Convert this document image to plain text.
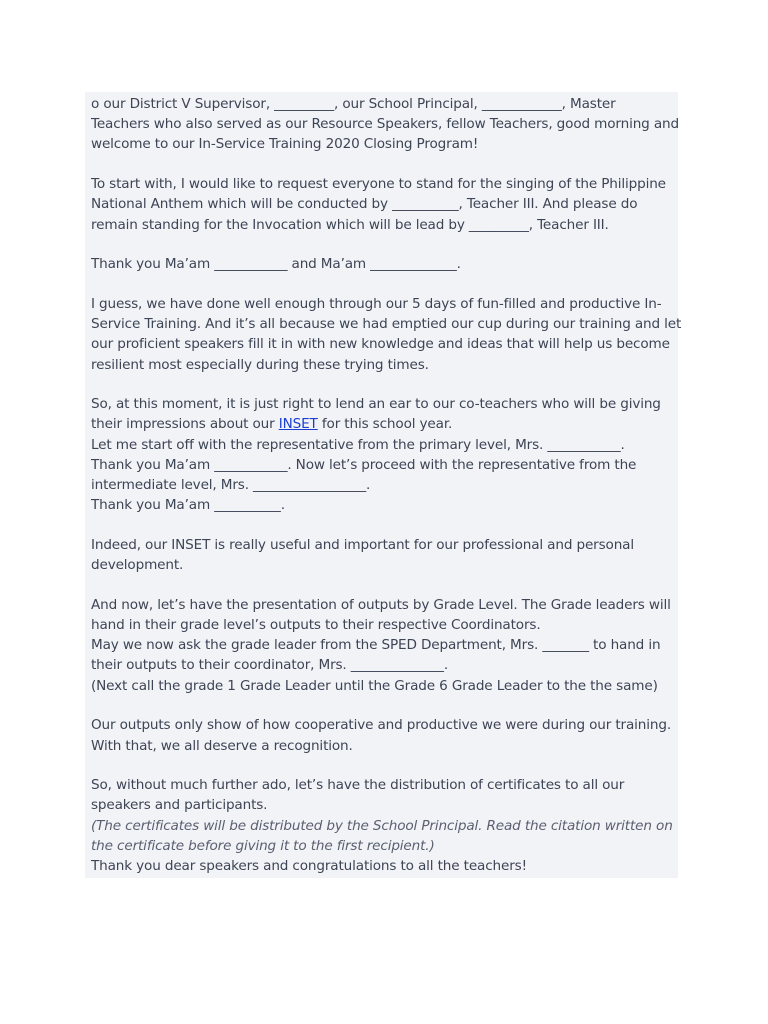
o our District V Supervisor, _________, our School Principal, ____________, Master
Teachers who also served as our Resource Speakers, fellow Teachers, good morning and
welcome to our In-Service Training 2020 Closing Program!

To start with, I would like to request everyone to stand for the singing of the Philippine
National Anthem which will be conducted by __________, Teacher III. And please do
remain standing for the Invocation which will be lead by _________, Teacher III.

Thank you Ma’am ___________ and Ma’am _____________.

I guess, we have done well enough through our 5 days of fun-filled and productive In-
Service Training. And it’s all because we had emptied our cup during our training and let
our proficient speakers fill it in with new knowledge and ideas that will help us become
resilient most especially during these trying times.

So, at this moment, it is just right to lend an ear to our co-teachers who will be giving
their impressions about our INSET for this school year.
Let me start off with the representative from the primary level, Mrs. ___________.
Thank you Ma’am ___________. Now let’s proceed with the representative from the
intermediate level, Mrs. _________________.
Thank you Ma’am __________.

Indeed, our INSET is really useful and important for our professional and personal
development.

And now, let’s have the presentation of outputs by Grade Level. The Grade leaders will
hand in their grade level’s outputs to their respective Coordinators.
May we now ask the grade leader from the SPED Department, Mrs. _______ to hand in
their outputs to their coordinator, Mrs. ______________.
(Next call the grade 1 Grade Leader until the Grade 6 Grade Leader to the the same)

Our outputs only show of how cooperative and productive we were during our training.
With that, we all deserve a recognition.

So, without much further ado, let’s have the distribution of certificates to all our
speakers and participants.
(The certificates will be distributed by the School Principal. Read the citation written on
the certificate before giving it to the first recipient.)
Thank you dear speakers and congratulations to all the teachers!
